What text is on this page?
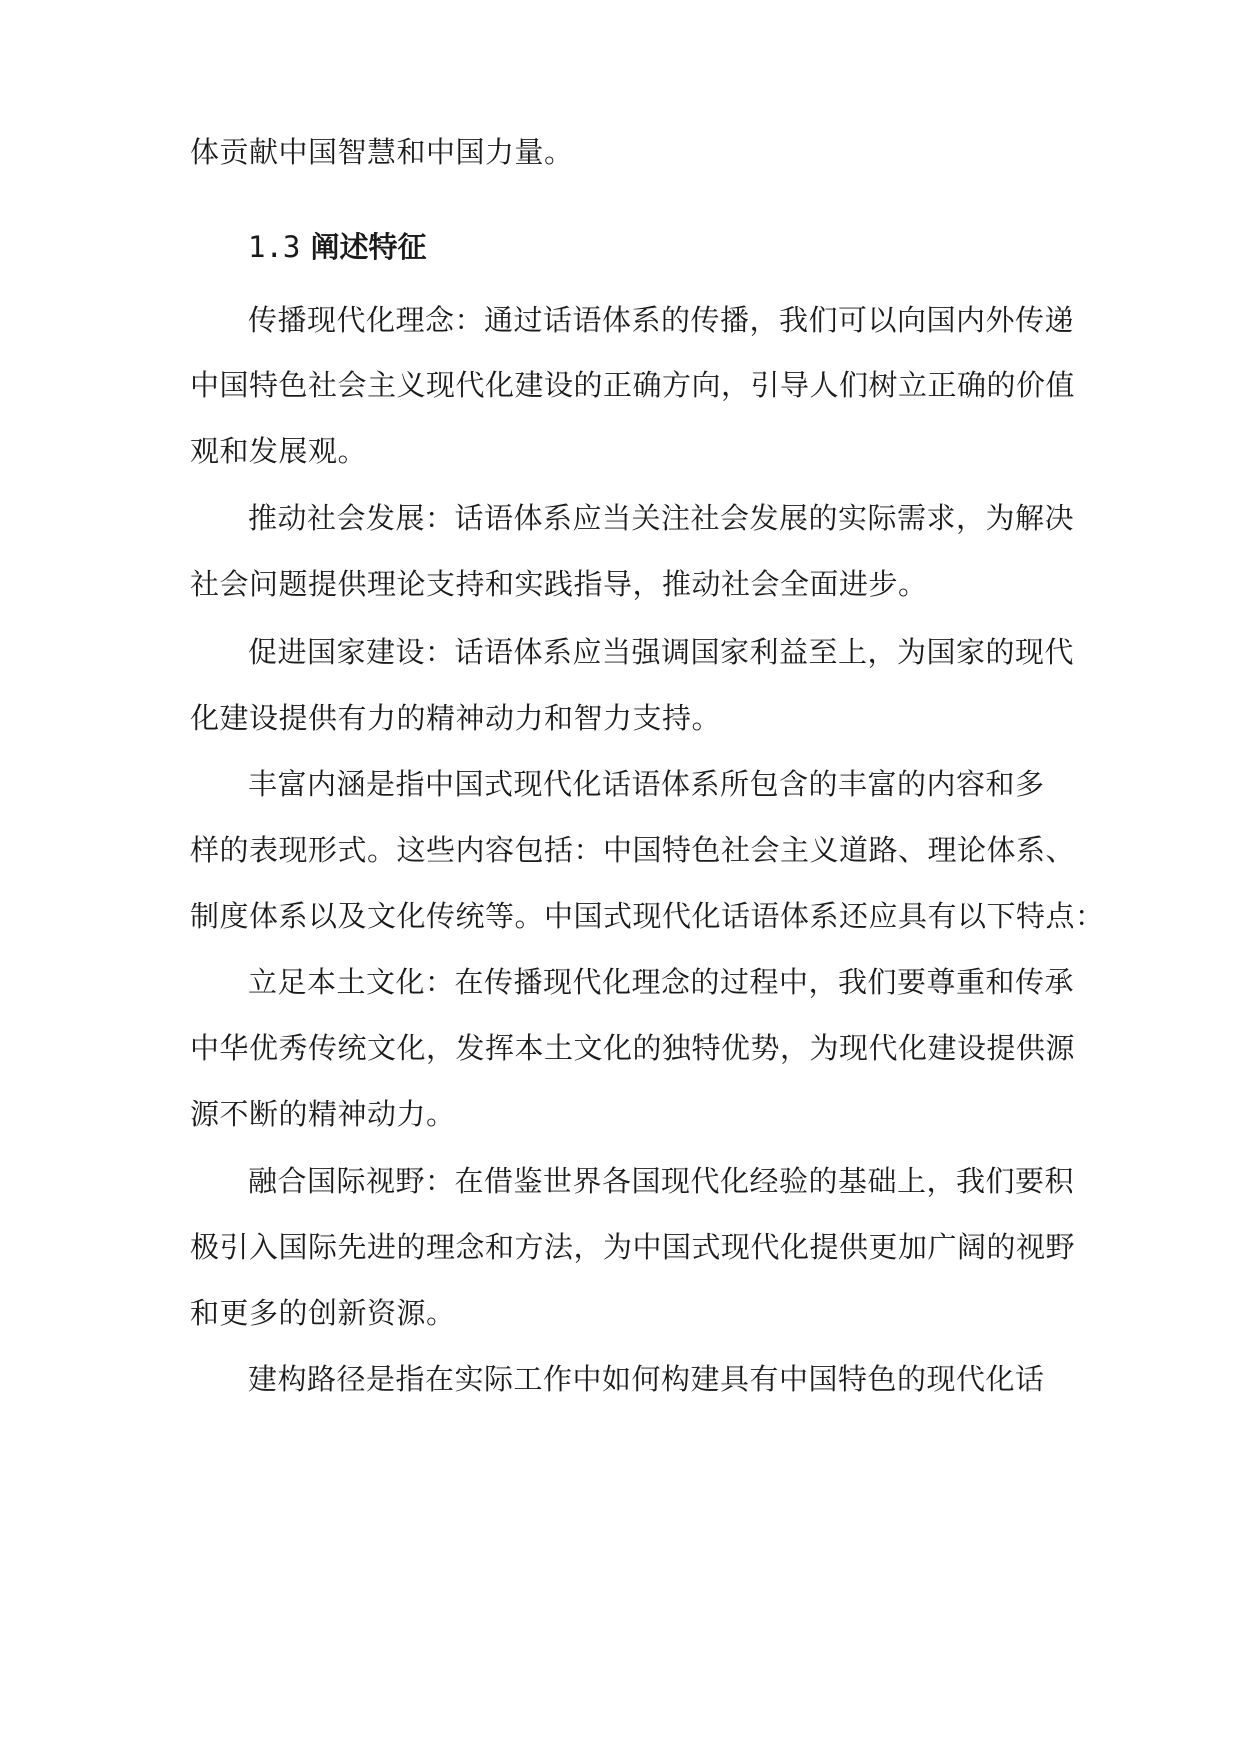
体贡献中国智慧和中国力量。
1.3 阐述特征
传播现代化理念：通过话语体系的传播，我们可以向国内外传递
中国特色社会主义现代化建设的正确方向，引导人们树立正确的价值
观和发展观。
推动社会发展：话语体系应当关注社会发展的实际需求，为解决
社会问题提供理论支持和实践指导，推动社会全面进步。
促进国家建设：话语体系应当强调国家利益至上，为国家的现代
化建设提供有力的精神动力和智力支持。
丰富内涵是指中国式现代化话语体系所包含的丰富的内容和多
样的表现形式。这些内容包括：中国特色社会主义道路、理论体系、
制度体系以及文化传统等。中国式现代化话语体系还应具有以下特点：
立足本土文化：在传播现代化理念的过程中，我们要尊重和传承
中华优秀传统文化，发挥本土文化的独特优势，为现代化建设提供源
源不断的精神动力。
融合国际视野：在借鉴世界各国现代化经验的基础上，我们要积
极引入国际先进的理念和方法，为中国式现代化提供更加广阔的视野
和更多的创新资源。
建构路径是指在实际工作中如何构建具有中国特色的现代化话
